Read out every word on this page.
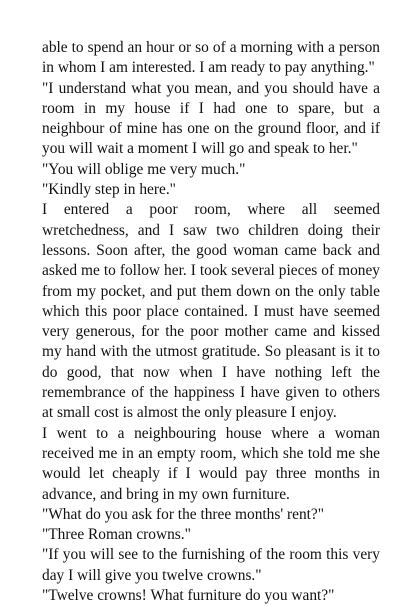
able to spend an hour or so of a morning with a person in whom I am interested. I am ready to pay anything."

"I understand what you mean, and you should have a room in my house if I had one to spare, but a neighbour of mine has one on the ground floor, and if you will wait a moment I will go and speak to her."

"You will oblige me very much."

"Kindly step in here."

I entered a poor room, where all seemed wretchedness, and I saw two children doing their lessons. Soon after, the good woman came back and asked me to follow her. I took several pieces of money from my pocket, and put them down on the only table which this poor place contained. I must have seemed very generous, for the poor mother came and kissed my hand with the utmost gratitude. So pleasant is it to do good, that now when I have nothing left the remembrance of the happiness I have given to others at small cost is almost the only pleasure I enjoy.

I went to a neighbouring house where a woman received me in an empty room, which she told me she would let cheaply if I would pay three months in advance, and bring in my own furniture.

"What do you ask for the three months' rent?"

"Three Roman crowns."

"If you will see to the furnishing of the room this very day I will give you twelve crowns."

"Twelve crowns! What furniture do you want?"
